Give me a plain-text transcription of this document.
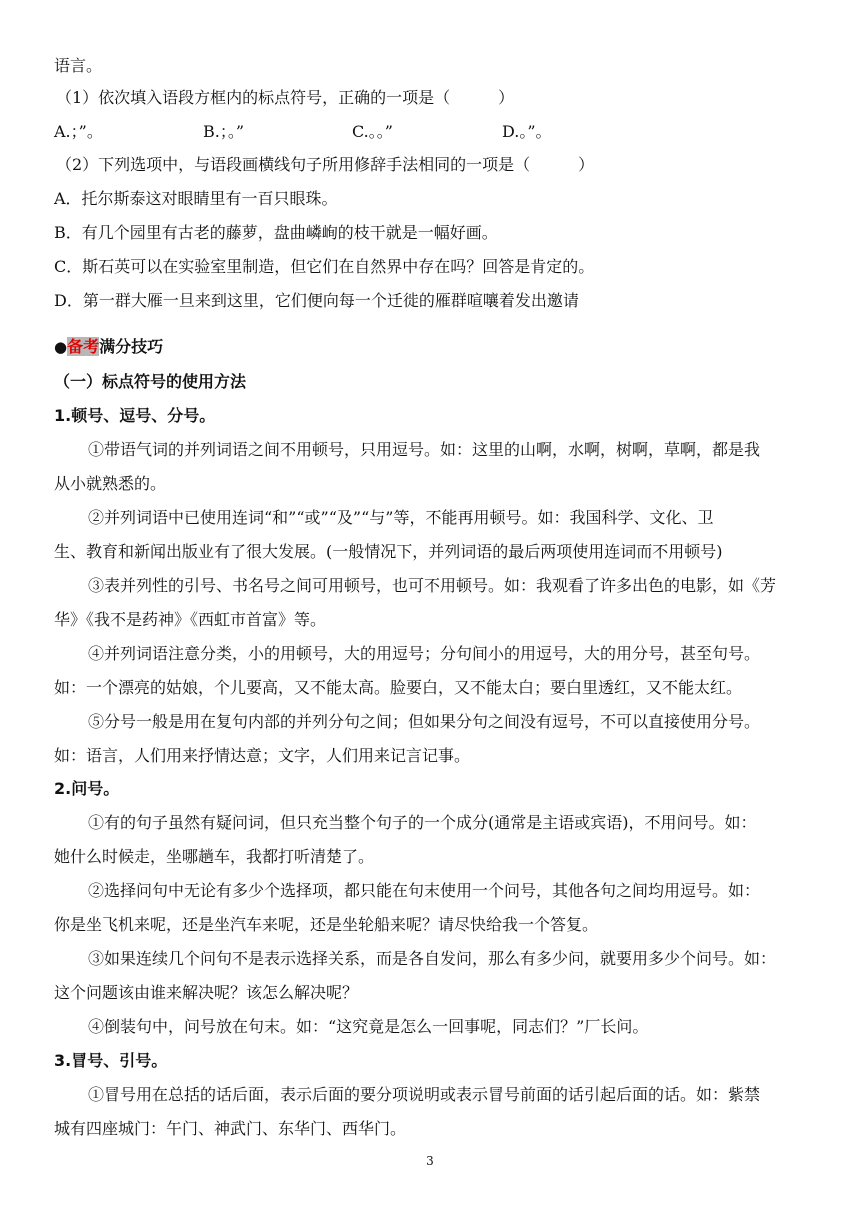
语言。
（1）依次填入语段方框内的标点符号，正确的一项是（　　　）
A.；”。	B.；。”	C.。。”	D.。”。
（2）下列选项中，与语段画横线句子所用修辞手法相同的一项是（　　　）
A．托尔斯泰这对眼睛里有一百只眼珠。
B．有几个园里有古老的藤萝，盘曲嶙峋的枝干就是一幅好画。
C．斯石英可以在实验室里制造，但它们在自然界中存在吗？回答是肯定的。
D．第一群大雁一旦来到这里，它们便向每一个迁徙的雁群喧嚷着发出邀请
●备考满分技巧
（一）标点符号的使用方法
1.顿号、逗号、分号。
①带语气词的并列词语之间不用顿号，只用逗号。如：这里的山啊，水啊，树啊，草啊，都是我
从小就熟悉的。
②并列词语中已使用连词“和”“或”“及”“与”等，不能再用顿号。如：我国科学、文化、卫
生、教育和新闻出版业有了很大发展。(一般情况下，并列词语的最后两项使用连词而不用顿号)
③表并列性的引号、书名号之间可用顿号，也可不用顿号。如：我观看了许多出色的电影，如《芳
华》《我不是药神》《西虹市首富》等。
④并列词语注意分类，小的用顿号，大的用逗号；分句间小的用逗号，大的用分号，甚至句号。
如：一个漂亮的姑娘，个儿要高，又不能太高。脸要白，又不能太白；要白里透红，又不能太红。
⑤分号一般是用在复句内部的并列分句之间；但如果分句之间没有逗号，不可以直接使用分号。
如：语言，人们用来抒情达意；文字，人们用来记言记事。
2.问号。
①有的句子虽然有疑问词，但只充当整个句子的一个成分(通常是主语或宾语)，不用问号。如：
她什么时候走，坐哪趟车，我都打听清楚了。
②选择问句中无论有多少个选择项，都只能在句末使用一个问号，其他各句之间均用逗号。如：
你是坐飞机来呢，还是坐汽车来呢，还是坐轮船来呢？请尽快给我一个答复。
③如果连续几个问句不是表示选择关系，而是各自发问，那么有多少问，就要用多少个问号。如：
这个问题该由谁来解决呢？该怎么解决呢？
④倒装句中，问号放在句末。如：“这究竟是怎么一回事呢，同志们？”厂长问。
3.冒号、引号。
①冒号用在总括的话后面，表示后面的要分项说明或表示冒号前面的话引起后面的话。如：紫禁
城有四座城门：午门、神武门、东华门、西华门。
3
